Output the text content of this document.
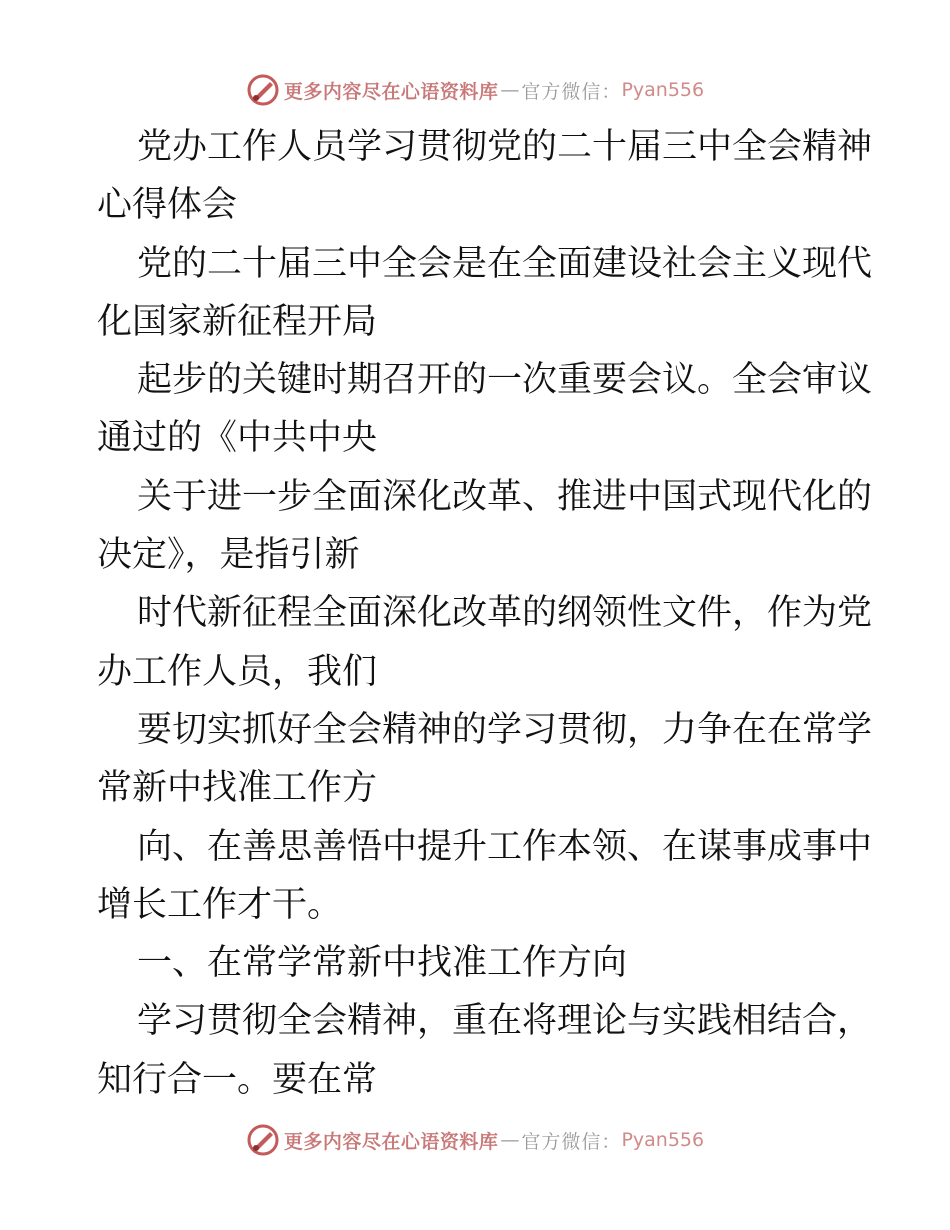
更多内容尽在心语资料库 — 官方微信： Pyan556

党办工作人员学习贯彻党的二十届三中全会精神

心得体会

党的二十届三中全会是在全面建设社会主义现代

化国家新征程开局

起步的关键时期召开的一次重要会议。全会审议

通过的《中共中央

关于进一步全面深化改革、推进中国式现代化的

决定》，是指引新

时代新征程全面深化改革的纲领性文件，作为党

办工作人员，我们

要切实抓好全会精神的学习贯彻，力争在在常学

常新中找准工作方

向、在善思善悟中提升工作本领、在谋事成事中

增长工作才干。

一、在常学常新中找准工作方向

学习贯彻全会精神，重在将理论与实践相结合，

知行合一。要在常

更多内容尽在心语资料库 — 官方微信： Pyan556
